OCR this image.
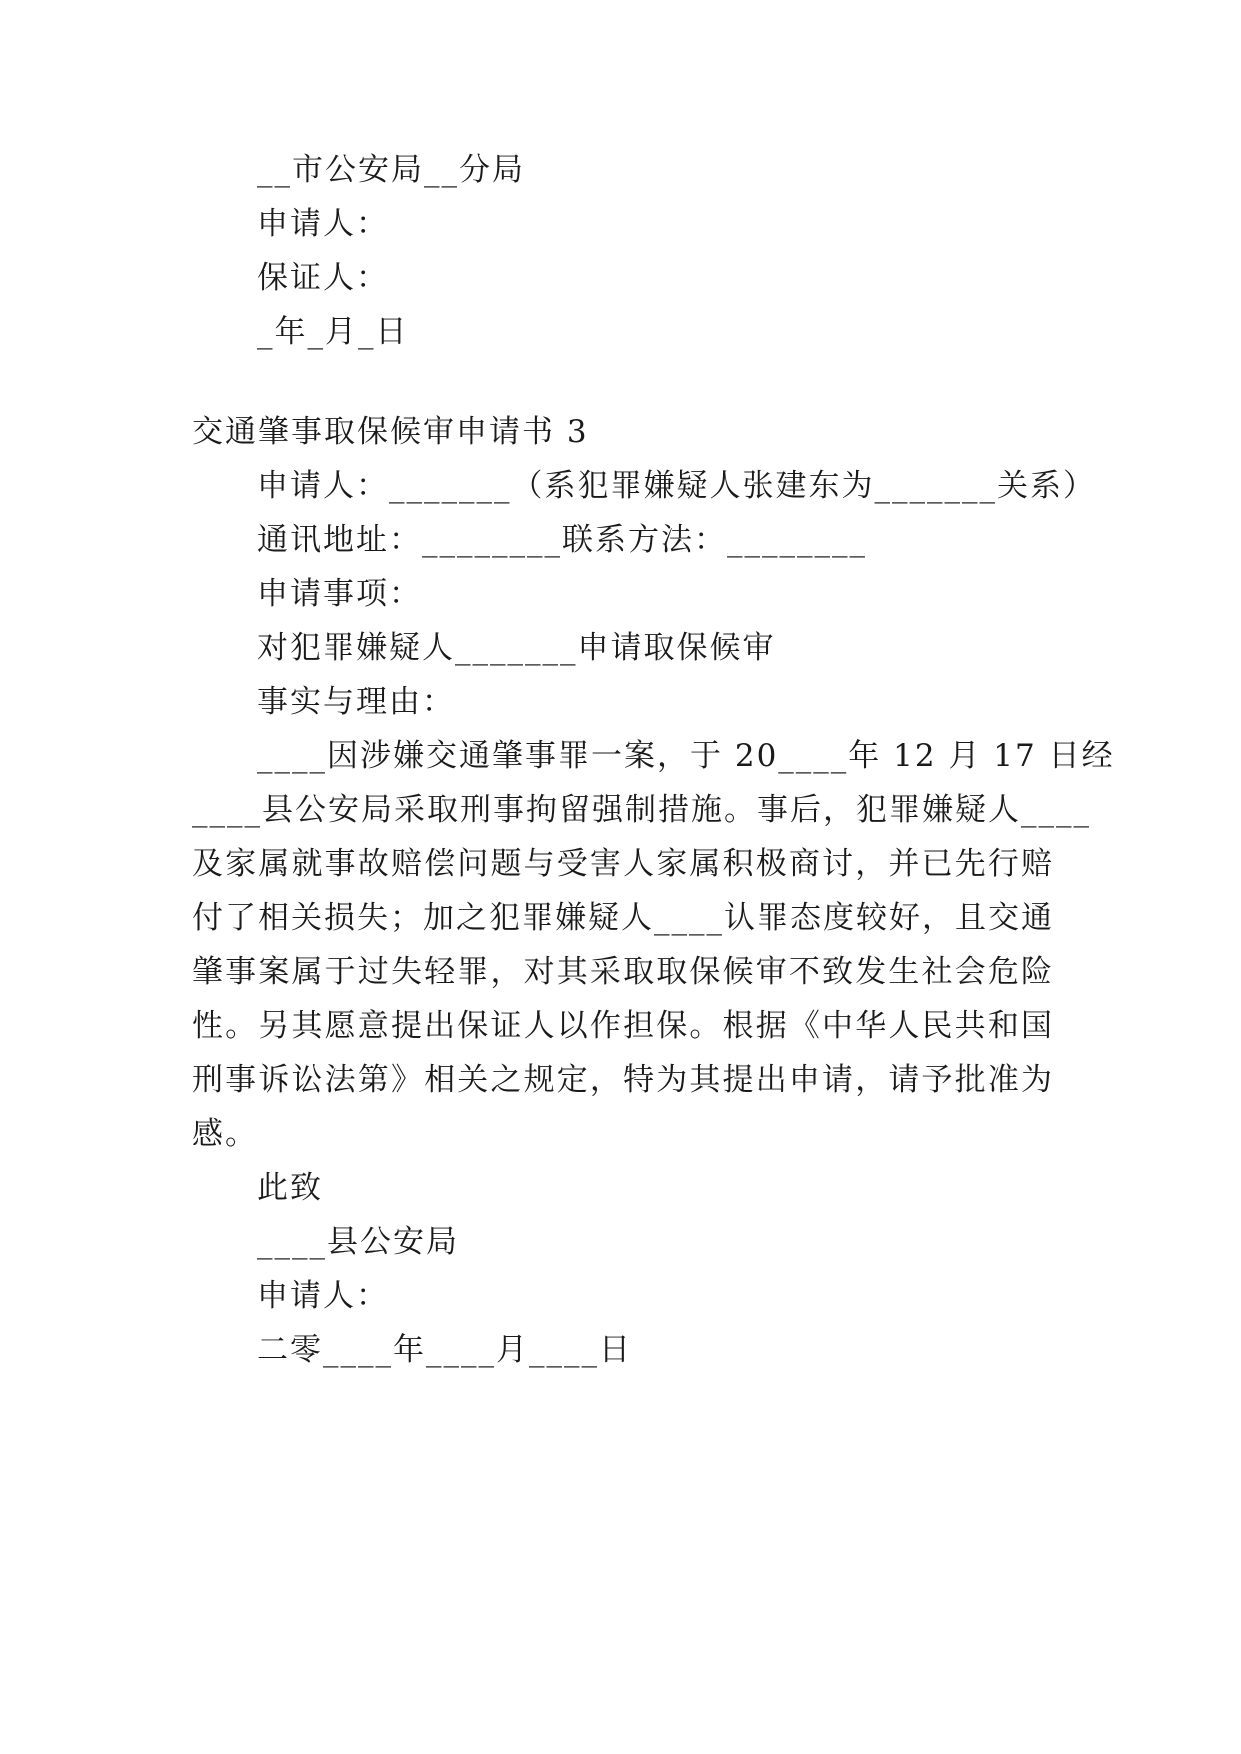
__市公安局__分局

申请人：

保证人：

_年_月_日

交通肇事取保候审申请书 3

申请人：_______（系犯罪嫌疑人张建东为_______关系）

通讯地址：________联系方法：________

申请事项：

对犯罪嫌疑人_______申请取保候审

事实与理由：

____因涉嫌交通肇事罪一案，于 20____年 12 月 17 日经

____县公安局采取刑事拘留强制措施。事后，犯罪嫌疑人____

及家属就事故赔偿问题与受害人家属积极商讨，并已先行赔

付了相关损失；加之犯罪嫌疑人____认罪态度较好，且交通

肇事案属于过失轻罪，对其采取取保候审不致发生社会危险

性。另其愿意提出保证人以作担保。根据《中华人民共和国

刑事诉讼法第》相关之规定，特为其提出申请，请予批准为

感。

此致

____县公安局

申请人：

二零____年____月____日
